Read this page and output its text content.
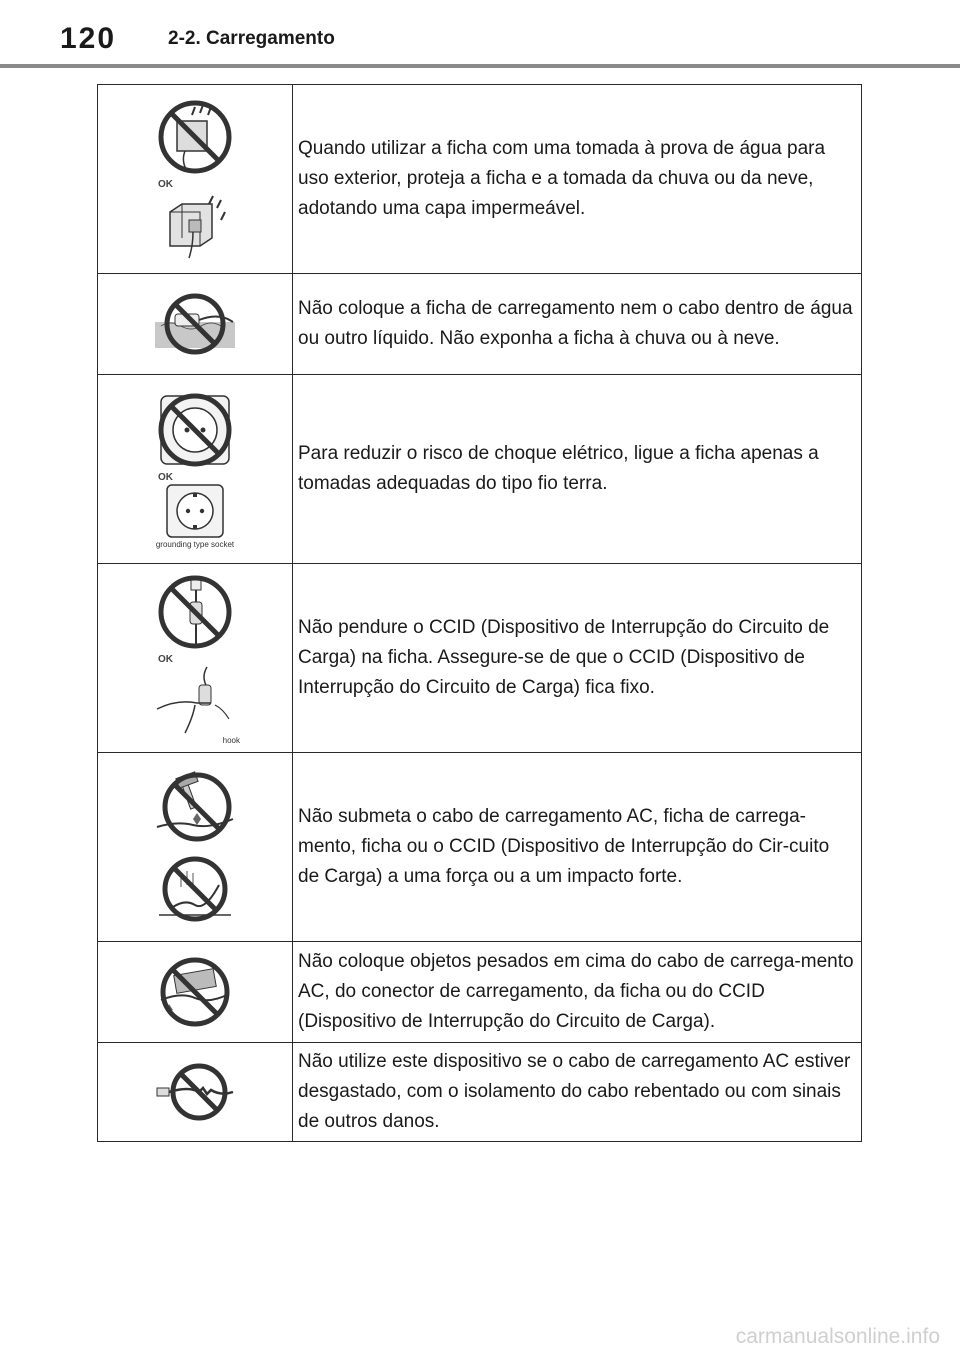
120	2-2. Carregamento
OK	Quando utilizar a ficha com uma tomada à prova de água para uso exterior, proteja a ficha e a tomada da chuva ou da neve, adotando uma capa impermeável.

	Não coloque a ficha de carregamento nem o cabo dentro de água ou outro líquido. Não exponha a ficha à chuva ou à neve.

OK
grounding type socket	Para reduzir o risco de choque elétrico, ligue a ficha apenas a tomadas adequadas do tipo fio terra.

OK
hook	Não pendure o CCID (Dispositivo de Interrupção do Circuito de Carga) na ficha. Assegure-se de que o CCID (Dispositivo de Interrupção do Circuito de Carga) fica fixo.

	Não submeta o cabo de carregamento AC, ficha de carrega-mento, ficha ou o CCID (Dispositivo de Interrupção do Cir-cuito de Carga) a uma força ou a um impacto forte.

	Não coloque objetos pesados em cima do cabo de carrega-mento AC, do conector de carregamento, da ficha ou do CCID (Dispositivo de Interrupção do Circuito de Carga).

	Não utilize este dispositivo se o cabo de carregamento AC estiver desgastado, com o isolamento do cabo rebentado ou com sinais de outros danos.
carmanualsonline.info
